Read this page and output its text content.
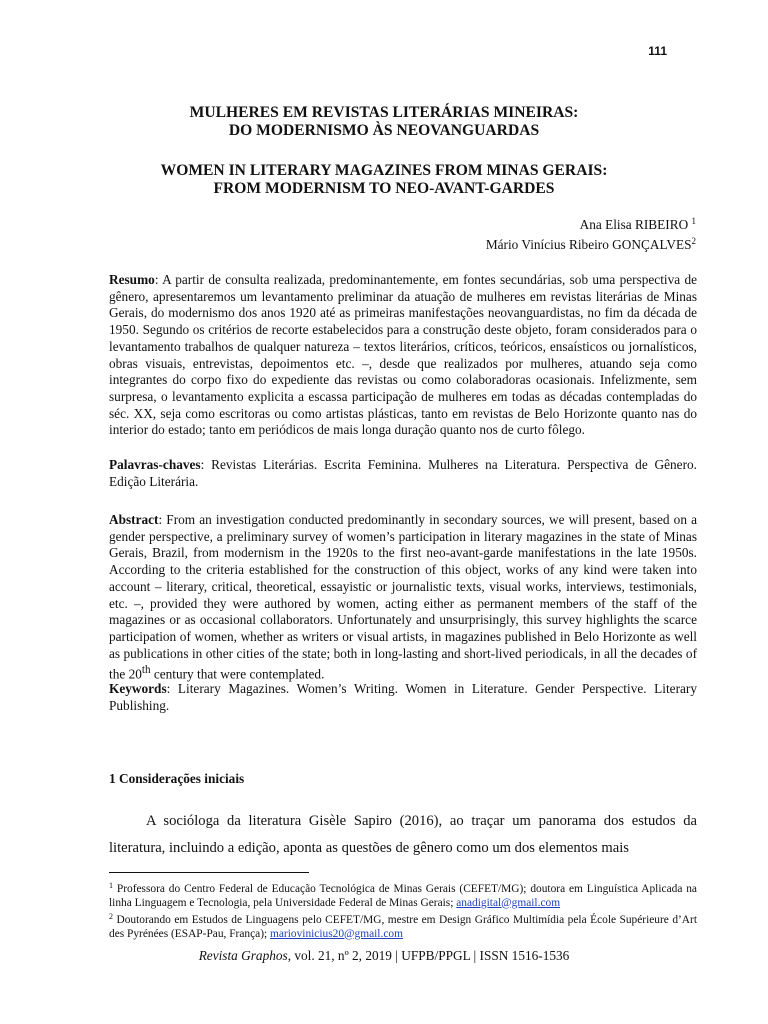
111
MULHERES EM REVISTAS LITERÁRIAS MINEIRAS:
DO MODERNISMO ÀS NEOVANGUARDAS
WOMEN IN LITERARY MAGAZINES FROM MINAS GERAIS:
FROM MODERNISM TO NEO-AVANT-GARDES
Ana Elisa RIBEIRO $^1$
Mário Vinícius Ribeiro GONÇALVES$^2$
Resumo: A partir de consulta realizada, predominantemente, em fontes secundárias, sob uma perspectiva de gênero, apresentaremos um levantamento preliminar da atuação de mulheres em revistas literárias de Minas Gerais, do modernismo dos anos 1920 até as primeiras manifestações neovanguardistas, no fim da década de 1950. Segundo os critérios de recorte estabelecidos para a construção deste objeto, foram considerados para o levantamento trabalhos de qualquer natureza – textos literários, críticos, teóricos, ensaísticos ou jornalísticos, obras visuais, entrevistas, depoimentos etc. –, desde que realizados por mulheres, atuando seja como integrantes do corpo fixo do expediente das revistas ou como colaboradoras ocasionais. Infelizmente, sem surpresa, o levantamento explicita a escassa participação de mulheres em todas as décadas contempladas do séc. XX, seja como escritoras ou como artistas plásticas, tanto em revistas de Belo Horizonte quanto nas do interior do estado; tanto em periódicos de mais longa duração quanto nos de curto fôlego.
Palavras-chaves: Revistas Literárias. Escrita Feminina. Mulheres na Literatura. Perspectiva de Gênero. Edição Literária.
Abstract: From an investigation conducted predominantly in secondary sources, we will present, based on a gender perspective, a preliminary survey of women’s participation in literary magazines in the state of Minas Gerais, Brazil, from modernism in the 1920s to the first neo-avant-garde manifestations in the late 1950s. According to the criteria established for the construction of this object, works of any kind were taken into account – literary, critical, theoretical, essayistic or journalistic texts, visual works, interviews, testimonials, etc. –, provided they were authored by women, acting either as permanent members of the staff of the magazines or as occasional collaborators. Unfortunately and unsurprisingly, this survey highlights the scarce participation of women, whether as writers or visual artists, in magazines published in Belo Horizonte as well as publications in other cities of the state; both in long-lasting and short-lived periodicals, in all the decades of the 20th century that were contemplated.
Keywords: Literary Magazines. Women’s Writing. Women in Literature. Gender Perspective. Literary Publishing.
1 Considerações iniciais
A socióloga da literatura Gisèle Sapiro (2016), ao traçar um panorama dos estudos da literatura, incluindo a edição, aponta as questões de gênero como um dos elementos mais
$^1$ Professora do Centro Federal de Educação Tecnológica de Minas Gerais (CEFET/MG); doutora em Linguística Aplicada na linha Linguagem e Tecnologia, pela Universidade Federal de Minas Gerais; anadigital@gmail.com
$^2$ Doutorando em Estudos de Linguagens pelo CEFET/MG, mestre em Design Gráfico Multimídia pela École Supérieure d’Art des Pyrénées (ESAP-Pau, França); mariovinicius20@gmail.com
Revista Graphos, vol. 21, nº 2, 2019 | UFPB/PPGL | ISSN 1516-1536
